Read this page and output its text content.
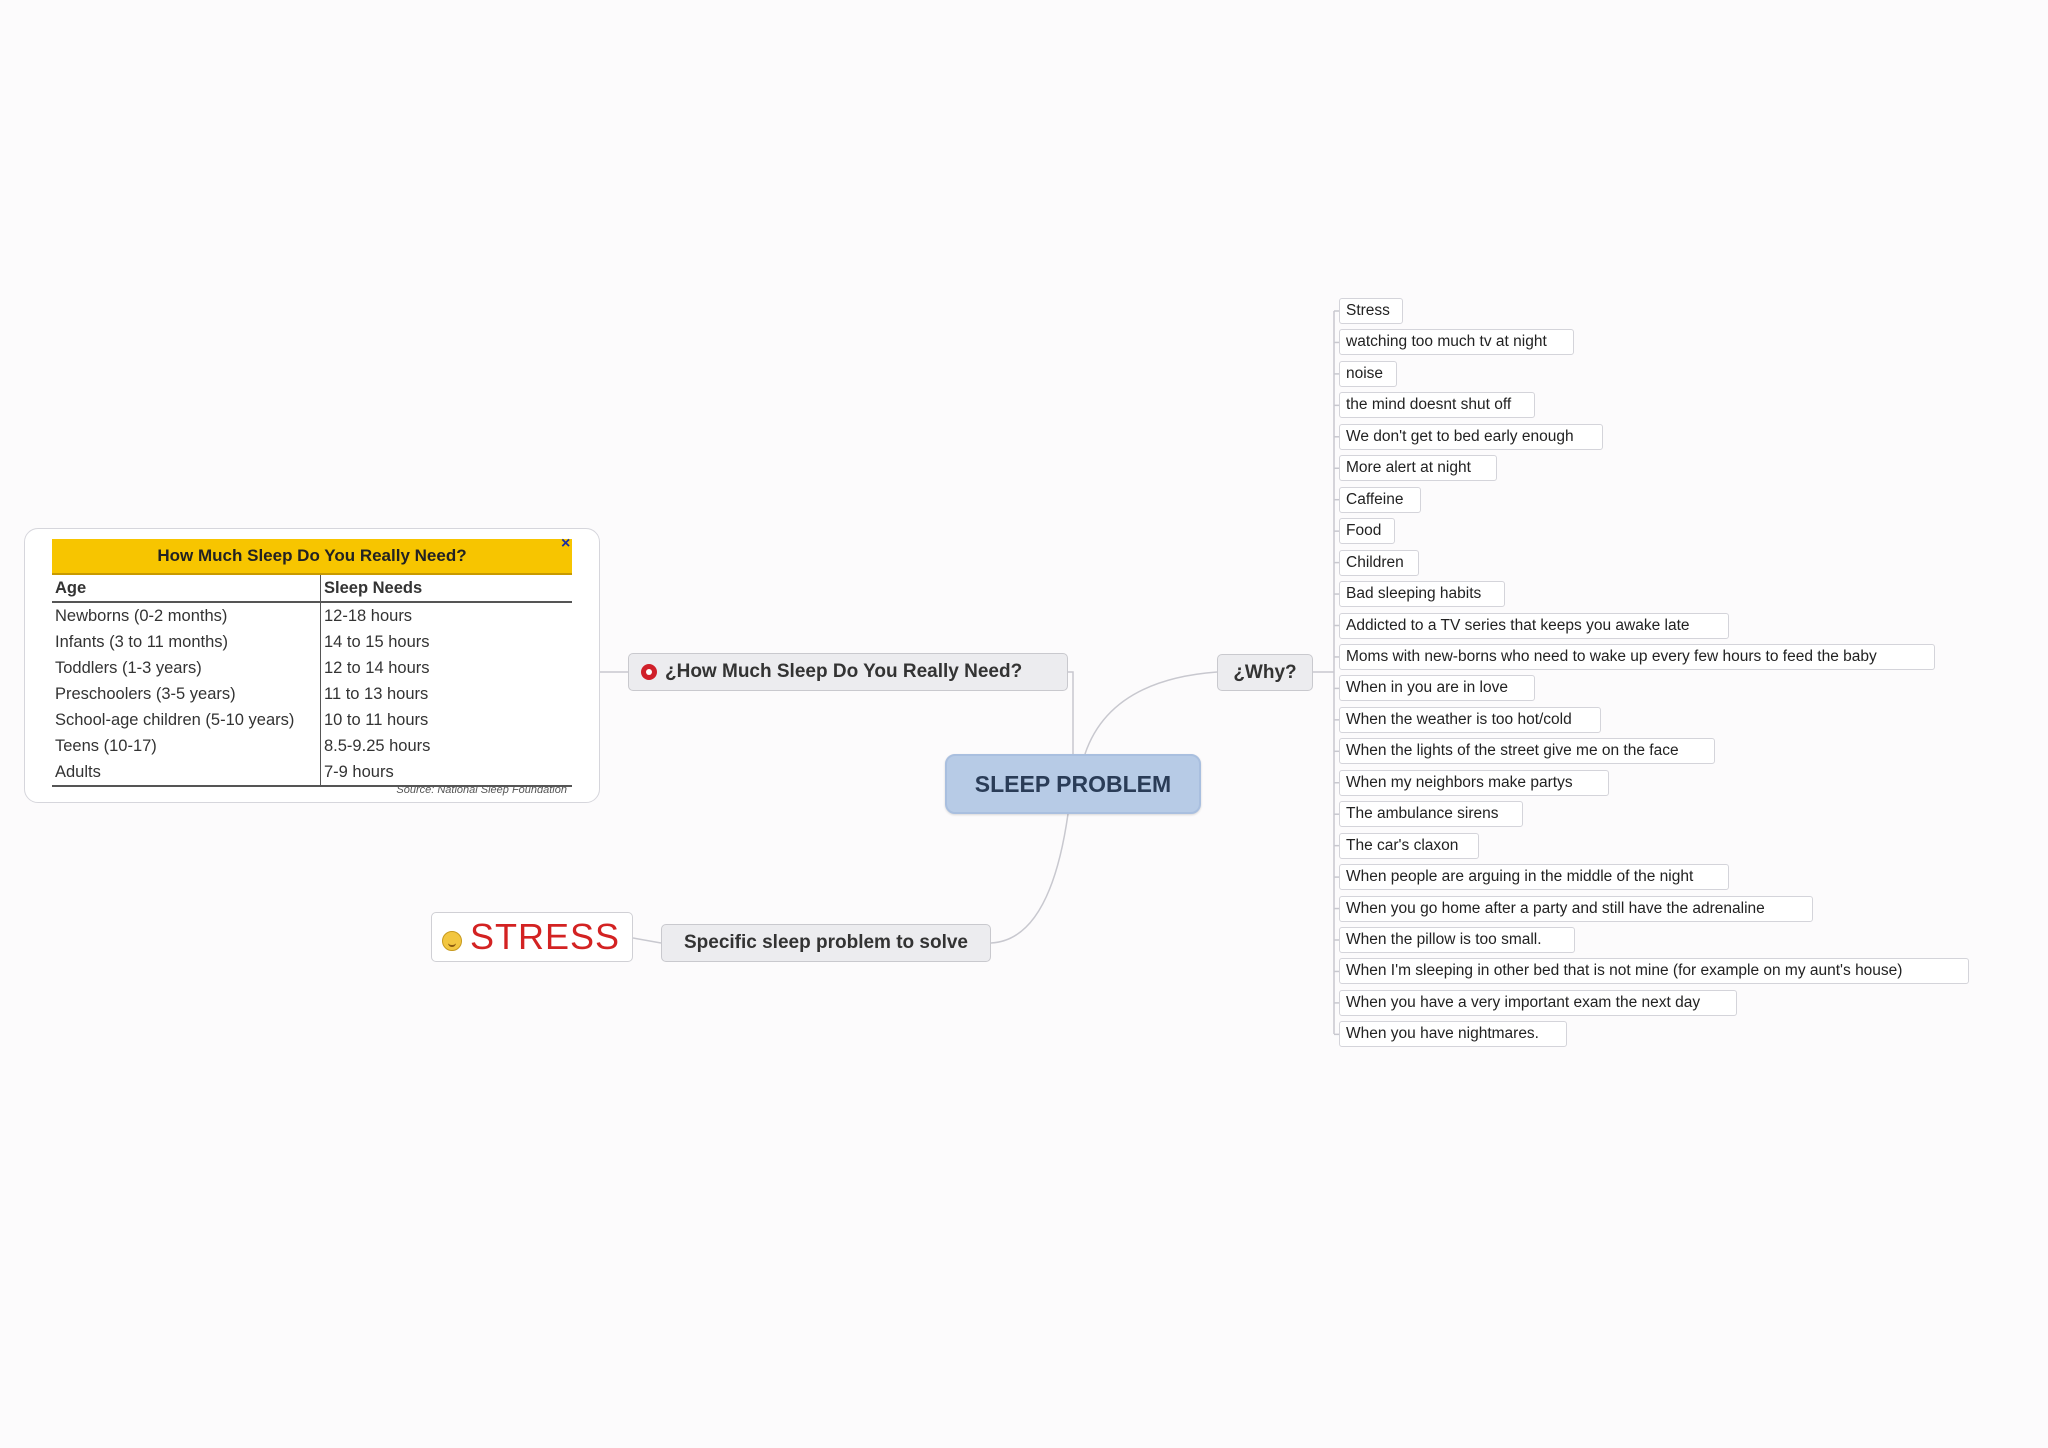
SLEEP PROBLEM
¿Why?
¿How Much Sleep Do You Really Need?
Specific sleep problem to solve
STRESS
Stress
watching too much tv at night
noise
the mind doesnt shut off
We don't get to bed early enough
More alert at night
Caffeine
Food
Children
Bad sleeping habits
Addicted to a TV series that keeps you awake late
Moms with new-borns who need to wake up every few hours to feed the baby
When in you are in love
When the weather is too hot/cold
When the lights of the street give me on the face
When my neighbors make partys
The ambulance sirens
The car's claxon
When people are arguing in the middle of the night
When you go home after a party and still have the adrenaline
When the pillow is too small.
When I'm sleeping in other bed that is not mine (for example on my aunt's house)
When you have a very important exam the next day
When you have nightmares.
How Much Sleep Do You Really Need?
×
Age	Sleep Needs
Newborns (0-2 months)	12-18 hours
Infants (3 to 11 months)	14 to 15 hours
Toddlers (1-3 years)	12 to 14 hours
Preschoolers (3-5 years)	11 to 13 hours
School-age children (5-10 years)	10 to 11 hours
Teens (10-17)	8.5-9.25 hours
Adults	7-9 hours
Source: National Sleep Foundation
